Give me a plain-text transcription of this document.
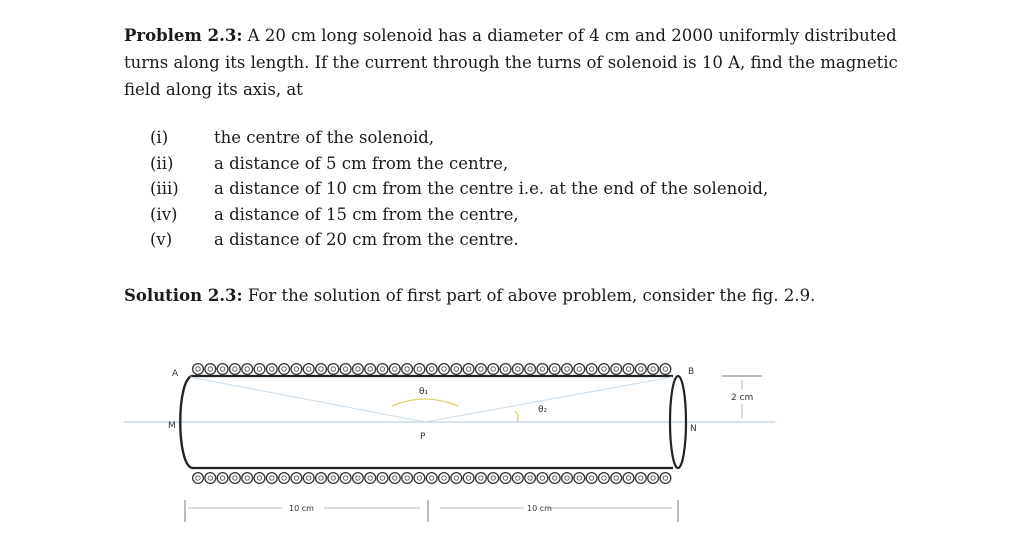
Problem 2.3: A 20 cm long solenoid has a diameter of 4 cm and 2000 uniformly distributed turns along its length. If the current through the turns of solenoid is 10 A, find the magnetic field along its axis, at
(i)	the centre of the solenoid,
(ii)	a distance of 5 cm from the centre,
(iii)	a distance of 10 cm from the centre i.e. at the end of the solenoid,
(iv)	a distance of 15 cm from the centre,
(v)	a distance of 20 cm from the centre.
Solution 2.3: For the solution of first part of above problem, consider the fig. 2.9.
A	B
M	N
P
θ₁
θ₂
2 cm
10 cm	10 cm
